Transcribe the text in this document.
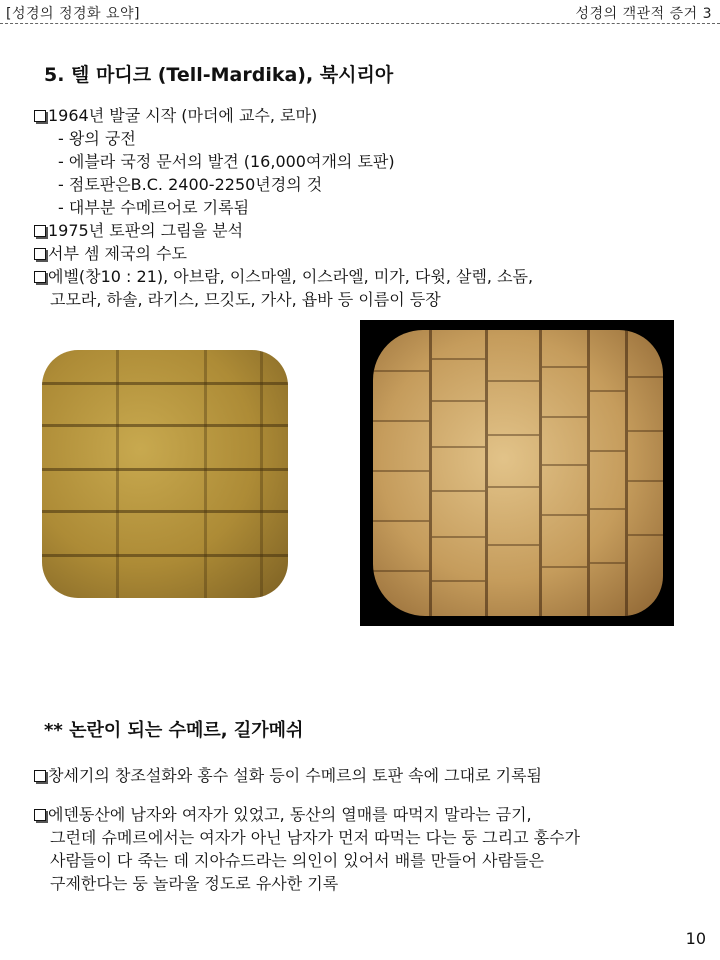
[성경의 정경화 요약]	성경의 객관적 증거 3
5. 텔 마디크 (Tell-Mardika), 북시리아
1964년 발굴 시작 (마더에 교수, 로마)
- 왕의 궁전
- 에블라 국정 문서의 발견 (16,000여개의 토판)
- 점토판은B.C. 2400-2250년경의 것
- 대부분 수메르어로 기록됨
1975년 토판의 그림을 분석
서부 셈 제국의 수도
에벨(창10 : 21), 아브람, 이스마엘, 이스라엘, 미가, 다윗, 살렘, 소돔,
고모라, 하솔, 라기스, 므깃도, 가사, 욥바 등 이름이 등장
** 논란이 되는 수메르, 길가메쉬
창세기의 창조설화와 홍수 설화 등이 수메르의 토판 속에 그대로 기록됨
에덴동산에 남자와 여자가 있었고, 동산의 열매를 따먹지 말라는 금기,
그런데 슈메르에서는 여자가 아닌 남자가 먼저 따먹는 다는 둥 그리고 홍수가
사람들이 다 죽는 데 지아슈드라는 의인이 있어서 배를 만들어 사람들은
구제한다는 둥 놀라울 정도로 유사한 기록
10
